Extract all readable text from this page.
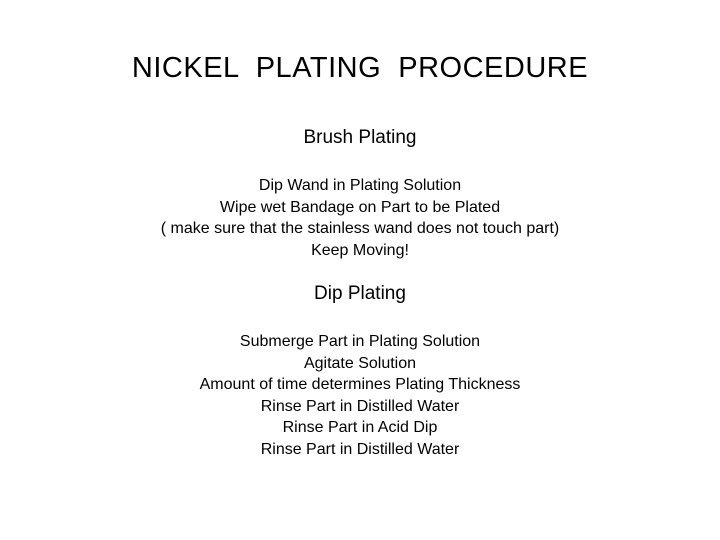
NICKEL  PLATING  PROCEDURE
Brush Plating
Dip Wand in Plating Solution
Wipe wet Bandage on Part to be Plated
( make sure that the stainless wand does not touch part)
Keep Moving!
Dip Plating
Submerge Part in Plating Solution
Agitate Solution
Amount of time determines Plating Thickness
Rinse Part in Distilled Water
Rinse Part in Acid Dip
Rinse Part in Distilled Water
